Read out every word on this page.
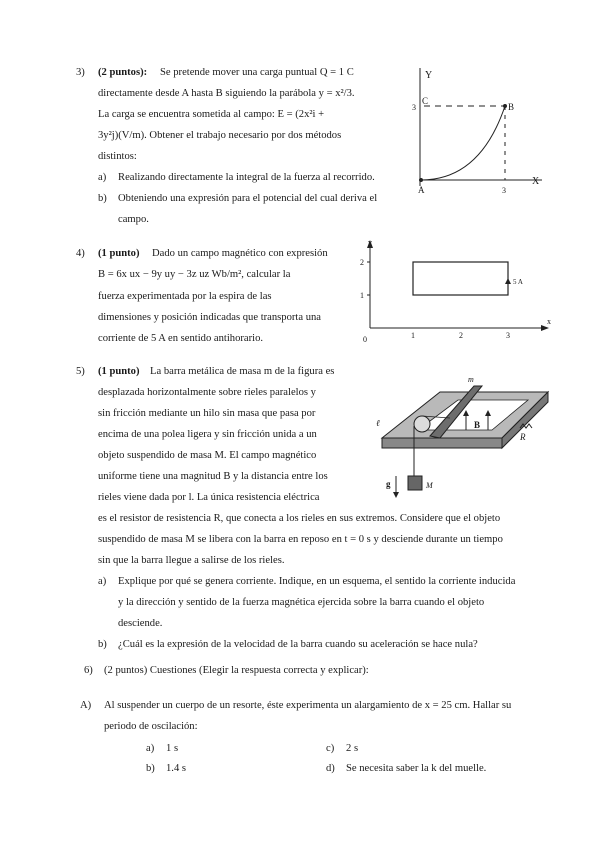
3) (2 puntos): Se pretende mover una carga puntual Q = 1 C
directamente desde A hasta B siguiendo la parábola y = x²/3.
La carga se encuentra sometida al campo: E = (2x²i +
3y²j)(V/m). Obtener el trabajo necesario por dos métodos
distintos:
a) Realizando directamente la integral de la fuerza al recorrido.
b) Obteniendo una expresión para el potencial del cual deriva el
campo.
Y
X
C
B
A
3
3
4) (1 punto) Dado un campo magnético con expresión
B = 6x ux − 9y uy − 3z uz Wb/m², calcular la
fuerza experimentada por la espira de las
dimensiones y posición indicadas que transporta una
corriente de 5 A en sentido antihorario.
y
x
2
1
0	1	2	3
5 A
5) (1 punto) La barra metálica de masa m de la figura es
desplazada horizontalmente sobre rieles paralelos y
sin fricción mediante un hilo sin masa que pasa por
encima de una polea ligera y sin fricción unida a un
objeto suspendido de masa M. El campo magnético
uniforme tiene una magnitud B y la distancia entre los
rieles viene dada por l. La única resistencia eléctrica
es el resistor de resistencia R, que conecta a los rieles en sus extremos. Considere que el objeto
suspendido de masa M se libera con la barra en reposo en t = 0 s y desciende durante un tiempo
sin que la barra llegue a salirse de los rieles.
a) Explique por qué se genera corriente. Indique, en un esquema, el sentido la corriente inducida
y la dirección y sentido de la fuerza magnética ejercida sobre la barra cuando el objeto
desciende.
b) ¿Cuál es la expresión de la velocidad de la barra cuando su aceleración se hace nula?
m
ℓ	B
R
g	M
6) (2 puntos) Cuestiones (Elegir la respuesta correcta y explicar):
A) Al suspender un cuerpo de un resorte, éste experimenta un alargamiento de x = 25 cm. Hallar su
periodo de oscilación:
a) 1 s
b) 1.4 s
c) 2 s
d) Se necesita saber la k del muelle.
